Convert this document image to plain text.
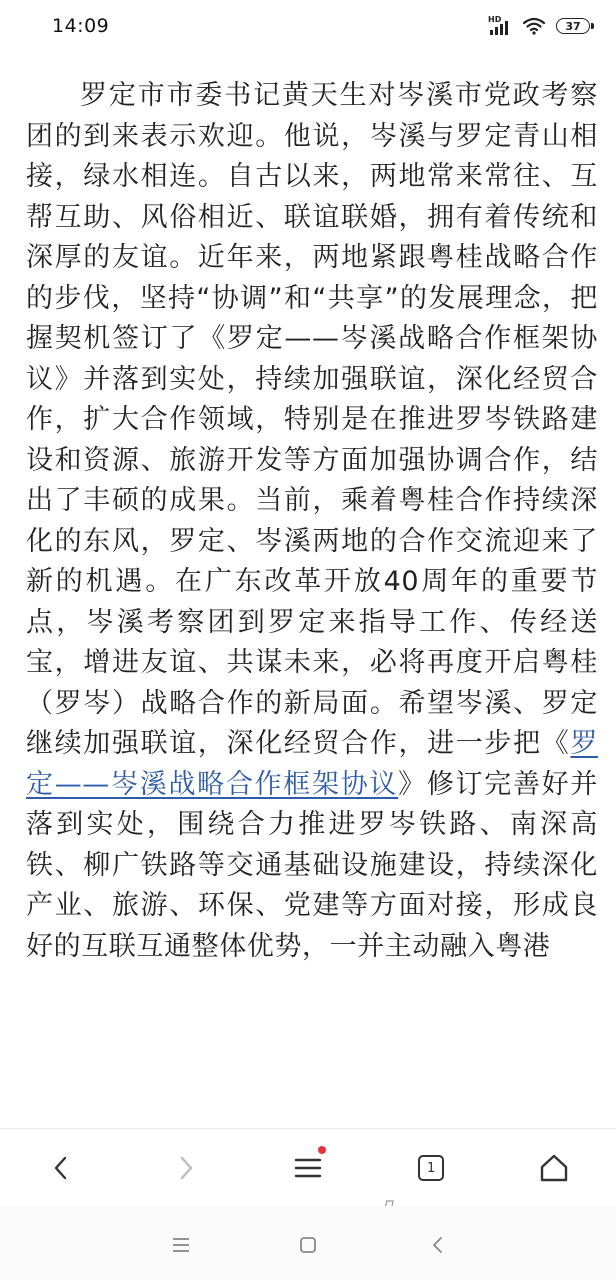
14:09	HD	37
罗定市市委书记黄天生对岑溪市党政考察团的到来表示欢迎。他说，岑溪与罗定青山相接，绿水相连。自古以来，两地常来常往、互帮互助、风俗相近、联谊联婚，拥有着传统和深厚的友谊。近年来，两地紧跟粤桂战略合作的步伐，坚持“协调”和“共享”的发展理念，把握契机签订了《罗定——岑溪战略合作框架协议》并落到实处，持续加强联谊，深化经贸合作，扩大合作领域，特别是在推进罗岑铁路建设和资源、旅游开发等方面加强协调合作，结出了丰硕的成果。当前，乘着粤桂合作持续深化的东风，罗定、岑溪两地的合作交流迎来了新的机遇。在广东改革开放40周年的重要节点，岑溪考察团到罗定来指导工作、传经送宝，增进友谊、共谋未来，必将再度开启粤桂（罗岑）战略合作的新局面。希望岑溪、罗定继续加强联谊，深化经贸合作，进一步把《罗定——岑溪战略合作框架协议》修订完善好并落到实处，围绕合力推进罗岑铁路、南深高铁、柳广铁路等交通基础设施建设，持续深化产业、旅游、环保、党建等方面对接，形成良好的互联互通整体优势，一并主动融入粤港
1
